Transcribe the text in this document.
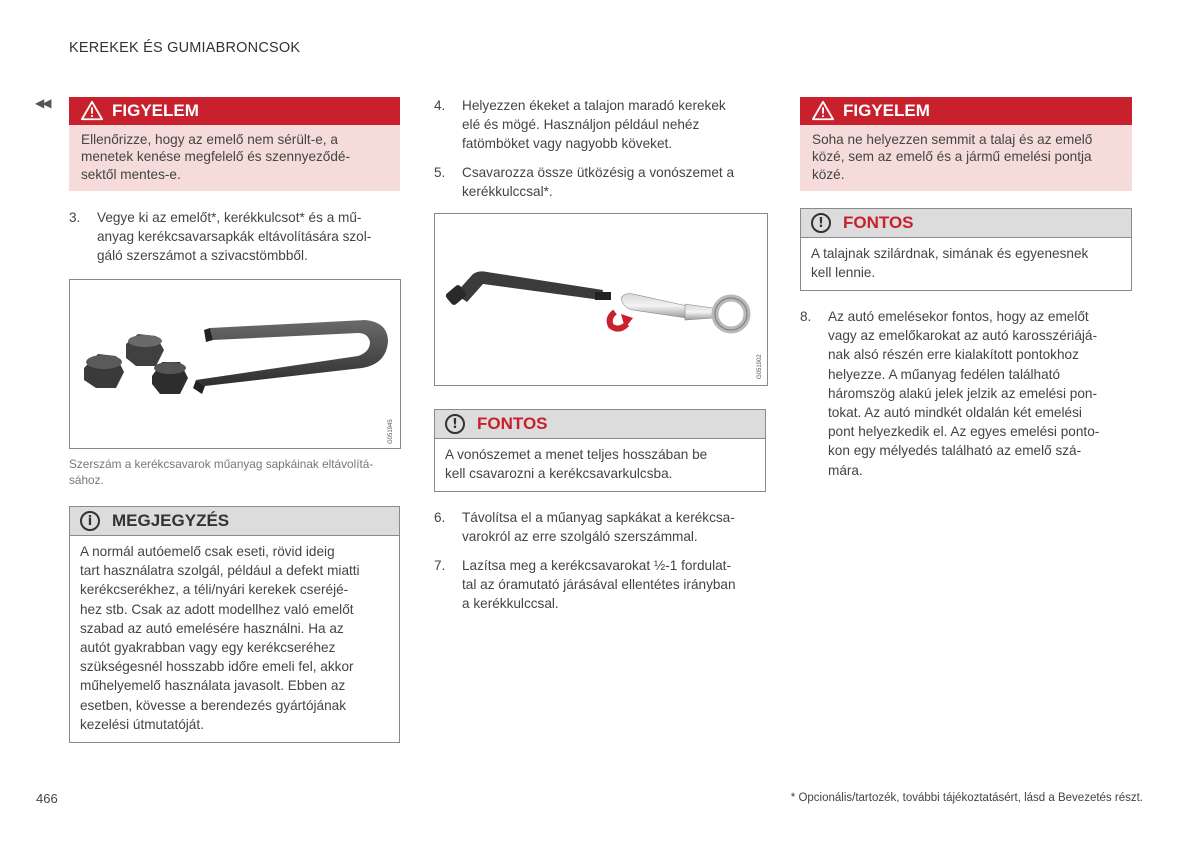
KEREKEK ÉS GUMIABRONCSOK
◀◀	FIGYELEM
Ellenőrizze, hogy az emelő nem sérült-e, a
menetek kenése megfelelő és szennyeződé-
sektől mentes-e.
3.	Vegye ki az emelőt*, kerékkulcsot* és a mű-
anyag kerékcsavarsapkák eltávolítására szol-
gáló szerszámot a szivacstömbből.
G051945
Szerszám a kerékcsavarok műanyag sapkáinak eltávolítá-
sához.
i	MEGJEGYZÉS
A normál autóemelő csak eseti, rövid ideig
tart használatra szolgál, például a defekt miatti
kerékcserékhez, a téli/nyári kerekek cseréjé-
hez stb. Csak az adott modellhez való emelőt
szabad az autó emelésére használni. Ha az
autót gyakrabban vagy egy kerékcseréhez
szükségesnél hosszabb időre emeli fel, akkor
műhelyemelő használata javasolt. Ebben az
esetben, kövesse a berendezés gyártójának
kezelési útmutatóját.
4.	Helyezzen ékeket a talajon maradó kerekek
elé és mögé. Használjon például nehéz
fatömböket vagy nagyobb köveket.
5.	Csavarozza össze ütközésig a vonószemet a
kerékkulccsal*.
G051902
!	FONTOS
A vonószemet a menet teljes hosszában be
kell csavarozni a kerékcsavarkulcsba.
6.	Távolítsa el a műanyag sapkákat a kerékcsa-
varokról az erre szolgáló szerszámmal.
7.	Lazítsa meg a kerékcsavarokat ½-1 fordulat-
tal az óramutató járásával ellentétes irányban
a kerékkulccsal.
FIGYELEM
Soha ne helyezzen semmit a talaj és az emelő
közé, sem az emelő és a jármű emelési pontja
közé.
!	FONTOS
A talajnak szilárdnak, simának és egyenesnek
kell lennie.
8.	Az autó emelésekor fontos, hogy az emelőt
vagy az emelőkarokat az autó karosszériájá-
nak alsó részén erre kialakított pontokhoz
helyezze. A műanyag fedélen található
háromszög alakú jelek jelzik az emelési pon-
tokat. Az autó mindkét oldalán két emelési
pont helyezkedik el. Az egyes emelési ponto-
kon egy mélyedés található az emelő szá-
mára.
466	* Opcionális/tartozék, további tájékoztatásért, lásd a Bevezetés részt.
